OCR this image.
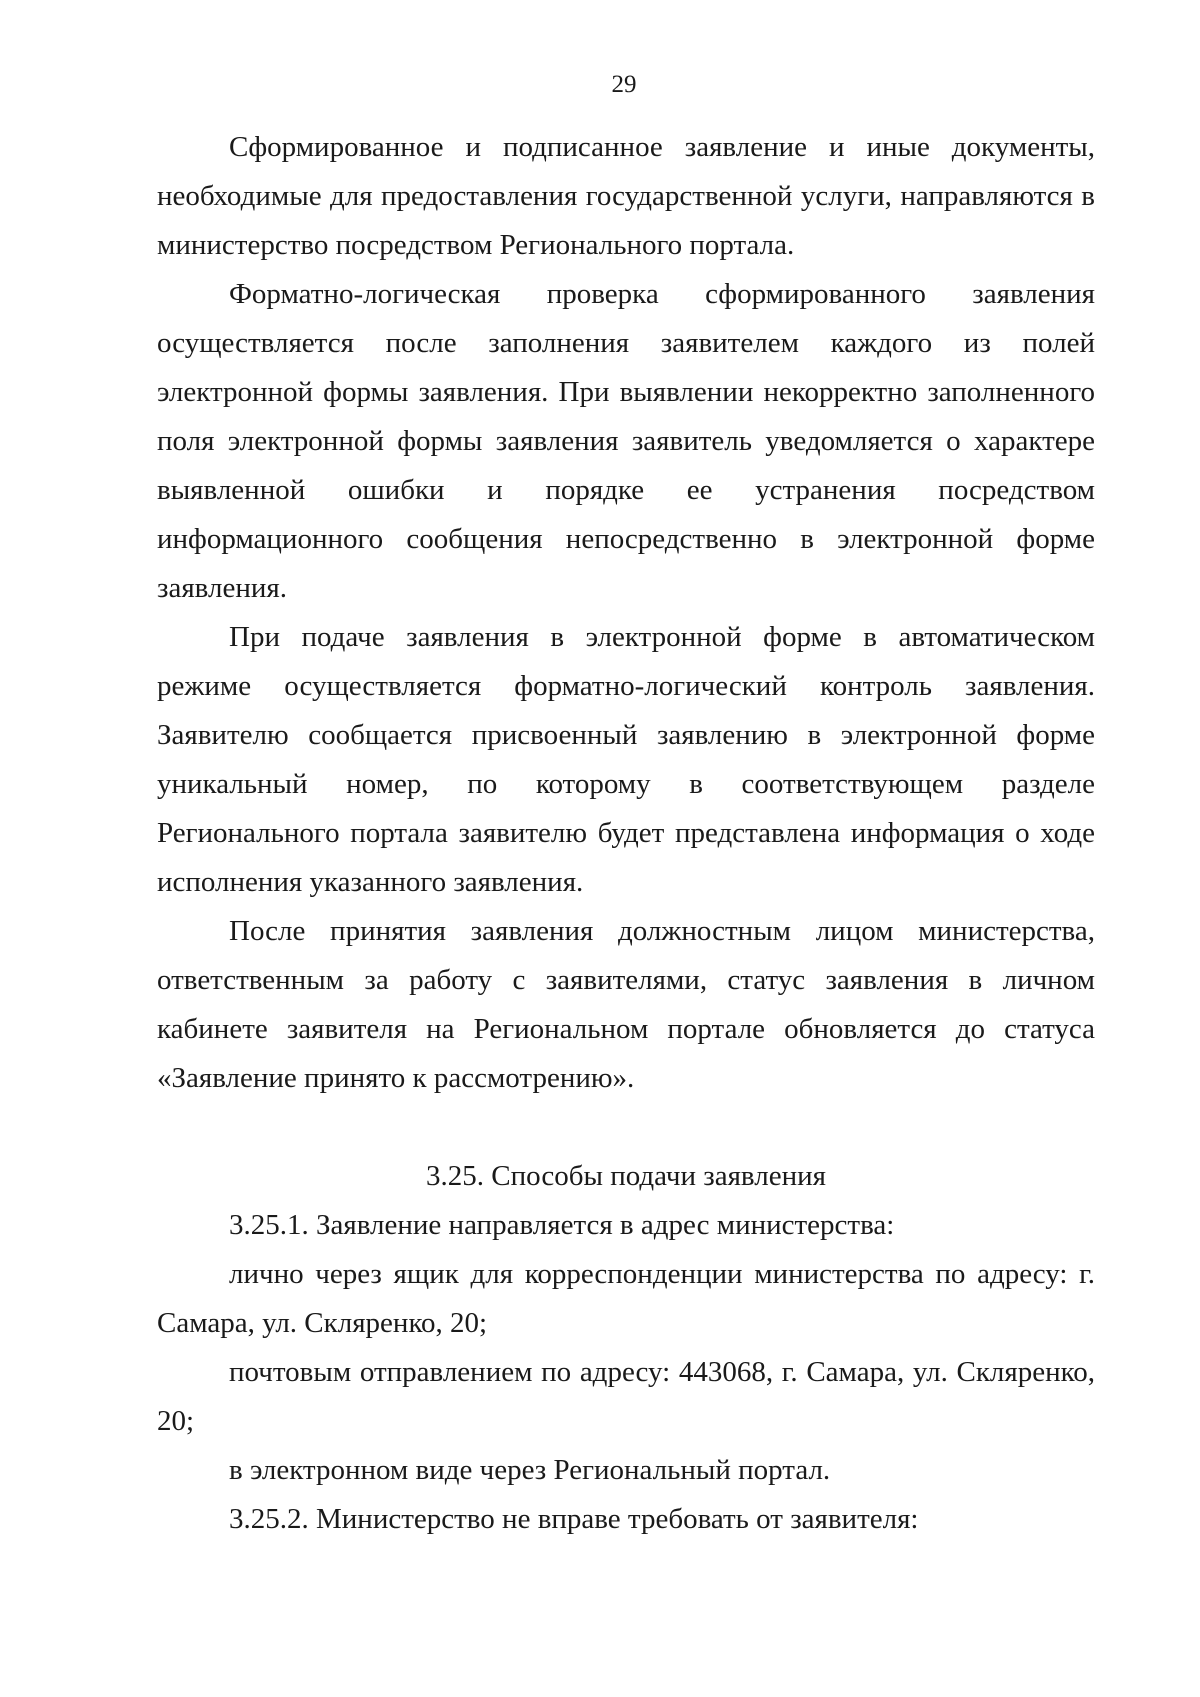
29

Сформированное и подписанное заявление и иные документы, необходимые для предоставления государственной услуги, направляются в министерство посредством Регионального портала.

Форматно-логическая проверка сформированного заявления осуществляется после заполнения заявителем каждого из полей электронной формы заявления. При выявлении некорректно заполненного поля электронной формы заявления заявитель уведомляется о характере выявленной ошибки и порядке ее устранения посредством информационного сообщения непосредственно в электронной форме заявления.

При подаче заявления в электронной форме в автоматическом режиме осуществляется форматно-логический контроль заявления. Заявителю сообщается присвоенный заявлению в электронной форме уникальный номер, по которому в соответствующем разделе Регионального портала заявителю будет представлена информация о ходе исполнения указанного заявления.

После принятия заявления должностным лицом министерства, ответственным за работу с заявителями, статус заявления в личном кабинете заявителя на Региональном портале обновляется до статуса «Заявление принято к рассмотрению».

3.25. Способы подачи заявления

3.25.1. Заявление направляется в адрес министерства:

лично через ящик для корреспонденции министерства по адресу: г. Самара, ул. Скляренко, 20;

почтовым отправлением по адресу: 443068, г. Самара, ул. Скляренко, 20;

в электронном виде через Региональный портал.

3.25.2. Министерство не вправе требовать от заявителя:
